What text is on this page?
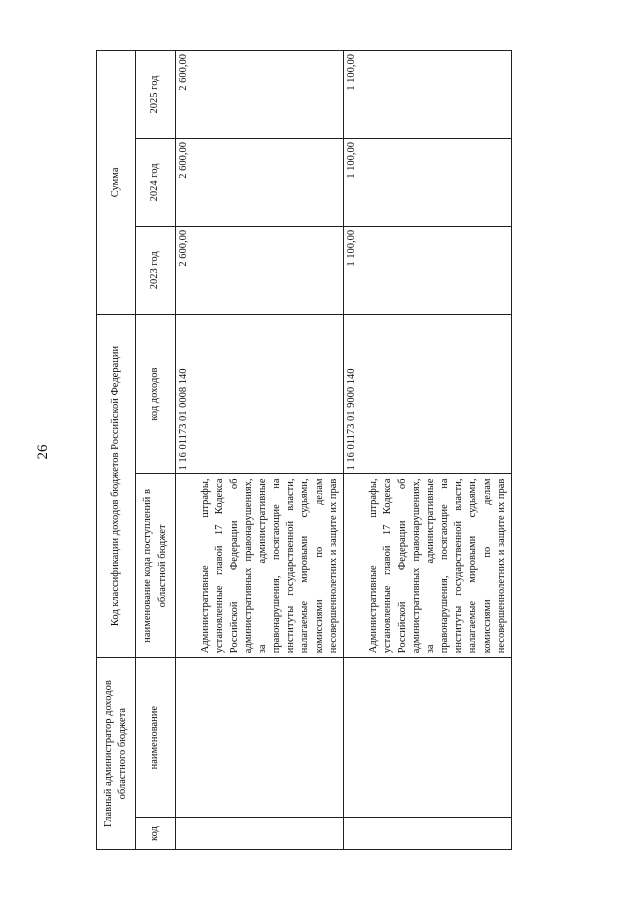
26
Главный администратор доходов областного бюджета		Код классификации доходов бюджетов Российской Федерации		Сумма		
код	наименование	наименование кода поступлений в областной бюджет	код доходов	2023 год	2024 год	2025 год
		Административные штрафы, установленные главой 17 Кодекса Российской Федерации об административных правонарушениях, за административные правонарушения, посягающие на институты государственной власти, налагаемые мировыми судьями, комиссиями по делам несовершеннолетних и защите их прав	1 16 01173 01 0008 140	2 600,00	2 600,00	2 600,00
		Административные штрафы, установленные главой 17 Кодекса Российской Федерации об административных правонарушениях, за административные правонарушения, посягающие на институты государственной власти, налагаемые мировыми судьями, комиссиями по делам несовершеннолетних и защите их прав	1 16 01173 01 9000 140	1 100,00	1 100,00	1 100,00
